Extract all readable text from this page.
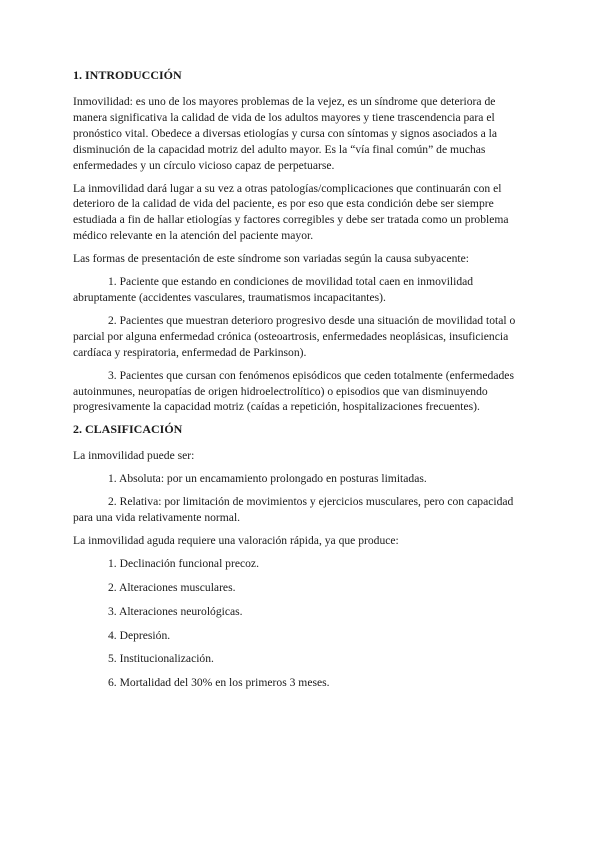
1. INTRODUCCIÓN

Inmovilidad: es uno de los mayores problemas de la vejez, es un síndrome que deteriora de manera significativa la calidad de vida de los adultos mayores y tiene trascendencia para el pronóstico vital. Obedece a diversas etiologías y cursa con síntomas y signos asociados a la disminución de la capacidad motriz del adulto mayor. Es la “vía final común” de muchas enfermedades y un círculo vicioso capaz de perpetuarse.

La inmovilidad dará lugar a su vez a otras patologías/complicaciones que continuarán con el deterioro de la calidad de vida del paciente, es por eso que esta condición debe ser siempre estudiada a fin de hallar etiologías y factores corregibles y debe ser tratada como un problema médico relevante en la atención del paciente mayor.

Las formas de presentación de este síndrome son variadas según la causa subyacente:

1. Paciente que estando en condiciones de movilidad total caen en inmovilidad abruptamente (accidentes vasculares, traumatismos incapacitantes).

2. Pacientes que muestran deterioro progresivo desde una situación de movilidad total o parcial por alguna enfermedad crónica (osteoartrosis, enfermedades neoplásicas, insuficiencia cardíaca y respiratoria, enfermedad de Parkinson).

3. Pacientes que cursan con fenómenos episódicos que ceden totalmente (enfermedades autoinmunes, neuropatías de origen hidroelectrolítico) o episodios que van disminuyendo progresivamente la capacidad motriz (caídas a repetición, hospitalizaciones frecuentes).

2. CLASIFICACIÓN

La inmovilidad puede ser:

1. Absoluta: por un encamamiento prolongado en posturas limitadas.

2. Relativa: por limitación de movimientos y ejercicios musculares, pero con capacidad para una vida relativamente normal.

La inmovilidad aguda requiere una valoración rápida, ya que produce:

1. Declinación funcional precoz.

2. Alteraciones musculares.

3. Alteraciones neurológicas.

4. Depresión.

5. Institucionalización.

6. Mortalidad del 30% en los primeros 3 meses.
